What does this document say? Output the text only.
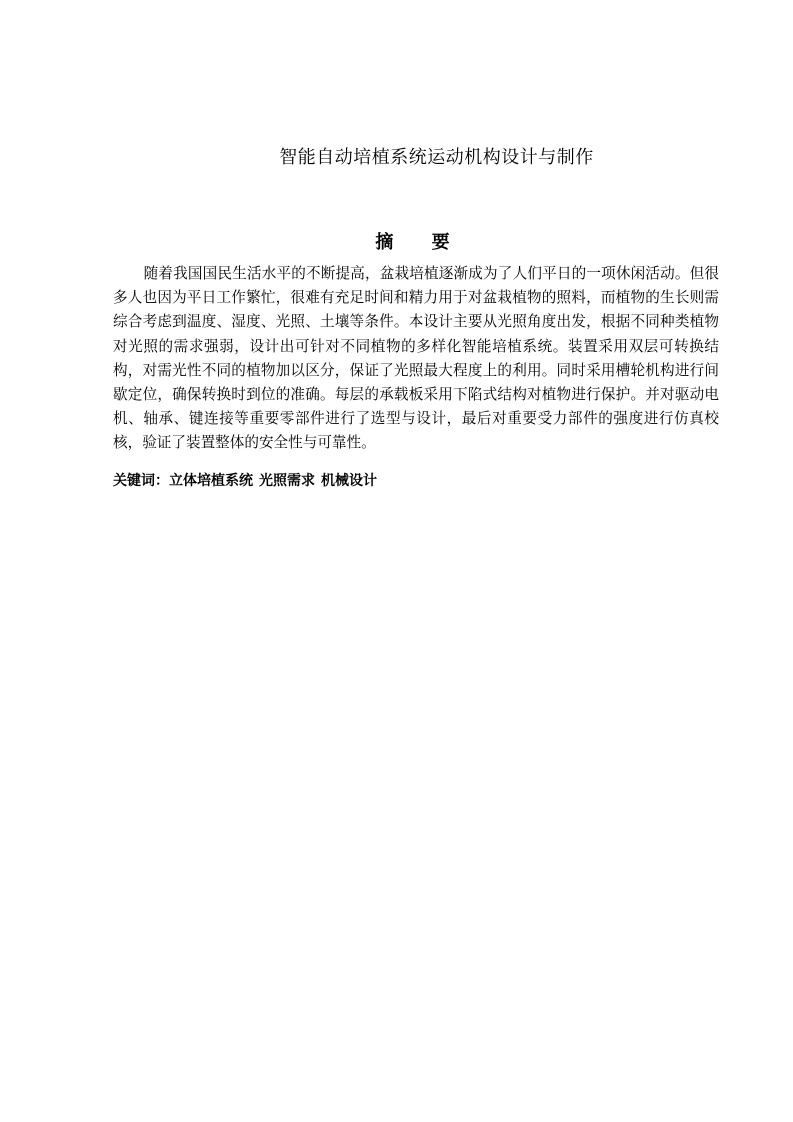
智能自动培植系统运动机构设计与制作
摘 要

随着我国国民生活水平的不断提高，盆栽培植逐渐成为了人们平日的一项休闲活动。但很多人也因为平日工作繁忙，很难有充足时间和精力用于对盆栽植物的照料，而植物的生长则需综合考虑到温度、湿度、光照、土壤等条件。本设计主要从光照角度出发，根据不同种类植物对光照的需求强弱，设计出可针对不同植物的多样化智能培植系统。装置采用双层可转换结构，对需光性不同的植物加以区分，保证了光照最大程度上的利用。同时采用槽轮机构进行间歇定位，确保转换时到位的准确。每层的承载板采用下陷式结构对植物进行保护。并对驱动电机、轴承、键连接等重要零部件进行了选型与设计，最后对重要受力部件的强度进行仿真校核，验证了装置整体的安全性与可靠性。

关键词：立体培植系统 光照需求 机械设计
